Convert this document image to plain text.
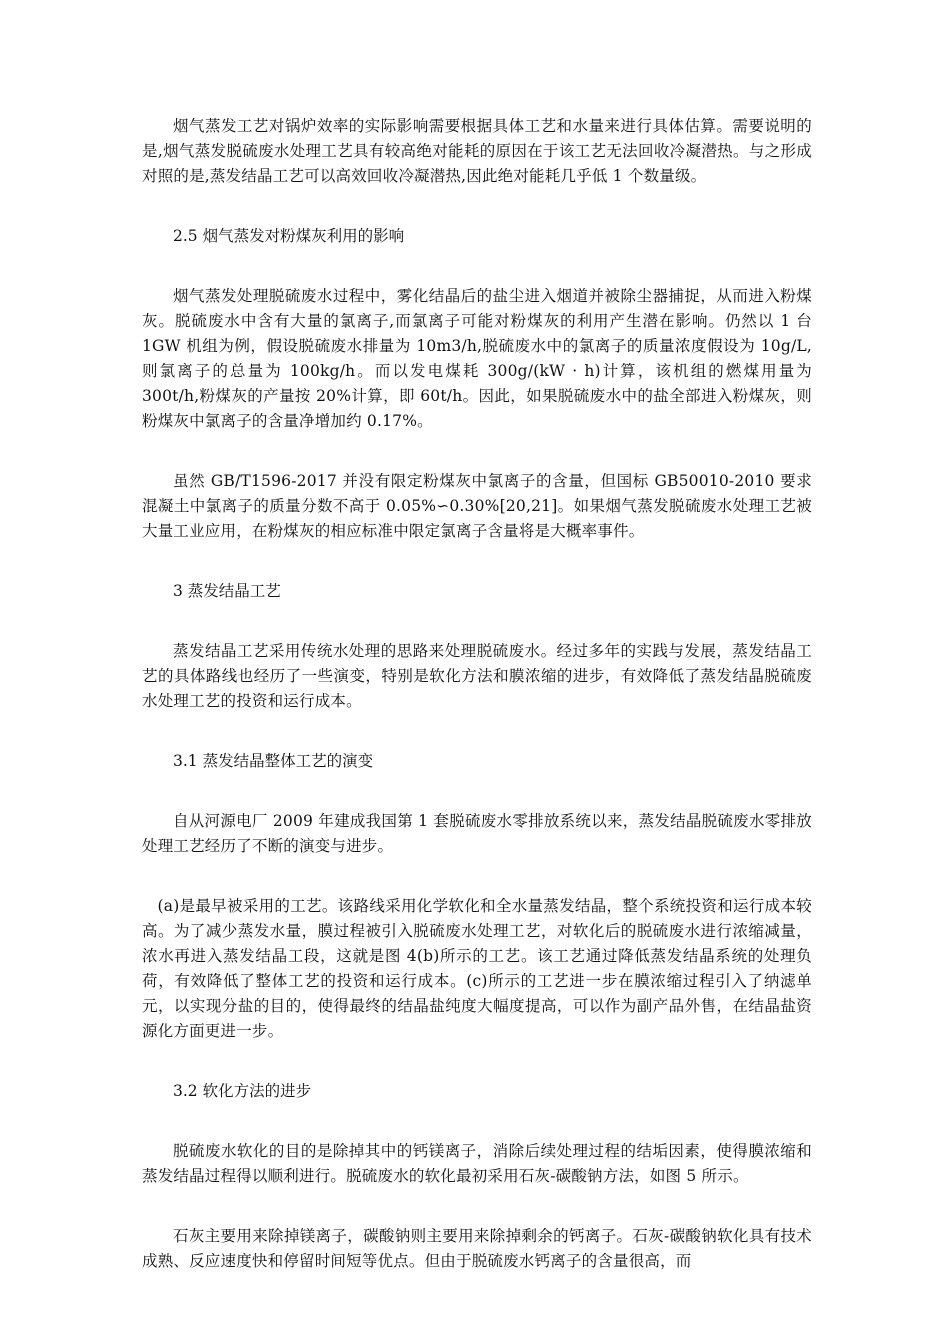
烟气蒸发工艺对锅炉效率的实际影响需要根据具体工艺和水量来进行具体估算。需要说明的是,烟气蒸发脱硫废水处理工艺具有较高绝对能耗的原因在于该工艺无法回收冷凝潜热。与之形成对照的是,蒸发结晶工艺可以高效回收冷凝潜热,因此绝对能耗几乎低 1 个数量级。

2.5 烟气蒸发对粉煤灰利用的影响

烟气蒸发处理脱硫废水过程中，雾化结晶后的盐尘进入烟道并被除尘器捕捉，从而进入粉煤灰。脱硫废水中含有大量的氯离子,而氯离子可能对粉煤灰的利用产生潜在影响。仍然以 1 台 1GW 机组为例，假设脱硫废水排量为 10m3/h,脱硫废水中的氯离子的质量浓度假设为 10g/L,则氯离子的总量为 100kg/h。而以发电煤耗 300g/(kW · h)计算，该机组的燃煤用量为 300t/h,粉煤灰的产量按 20%计算，即 60t/h。因此，如果脱硫废水中的盐全部进入粉煤灰，则粉煤灰中氯离子的含量净增加约 0.17%。

虽然 GB/T1596-2017 并没有限定粉煤灰中氯离子的含量，但国标 GB50010-2010 要求混凝土中氯离子的质量分数不高于 0.05%∽0.30%[20,21]。如果烟气蒸发脱硫废水处理工艺被大量工业应用，在粉煤灰的相应标准中限定氯离子含量将是大概率事件。

3 蒸发结晶工艺

蒸发结晶工艺采用传统水处理的思路来处理脱硫废水。经过多年的实践与发展，蒸发结晶工艺的具体路线也经历了一些演变，特别是软化方法和膜浓缩的进步，有效降低了蒸发结晶脱硫废水处理工艺的投资和运行成本。

3.1 蒸发结晶整体工艺的演变

自从河源电厂 2009 年建成我国第 1 套脱硫废水零排放系统以来，蒸发结晶脱硫废水零排放处理工艺经历了不断的演变与进步。

(a)是最早被采用的工艺。该路线采用化学软化和全水量蒸发结晶，整个系统投资和运行成本较高。为了减少蒸发水量，膜过程被引入脱硫废水处理工艺，对软化后的脱硫废水进行浓缩减量，浓水再进入蒸发结晶工段，这就是图 4(b)所示的工艺。该工艺通过降低蒸发结晶系统的处理负荷，有效降低了整体工艺的投资和运行成本。(c)所示的工艺进一步在膜浓缩过程引入了纳滤单元，以实现分盐的目的，使得最终的结晶盐纯度大幅度提高，可以作为副产品外售，在结晶盐资源化方面更进一步。

3.2 软化方法的进步

脱硫废水软化的目的是除掉其中的钙镁离子，消除后续处理过程的结垢因素，使得膜浓缩和蒸发结晶过程得以顺利进行。脱硫废水的软化最初采用石灰-碳酸钠方法，如图 5 所示。

石灰主要用来除掉镁离子，碳酸钠则主要用来除掉剩余的钙离子。石灰-碳酸钠软化具有技术成熟、反应速度快和停留时间短等优点。但由于脱硫废水钙离子的含量很高，而
